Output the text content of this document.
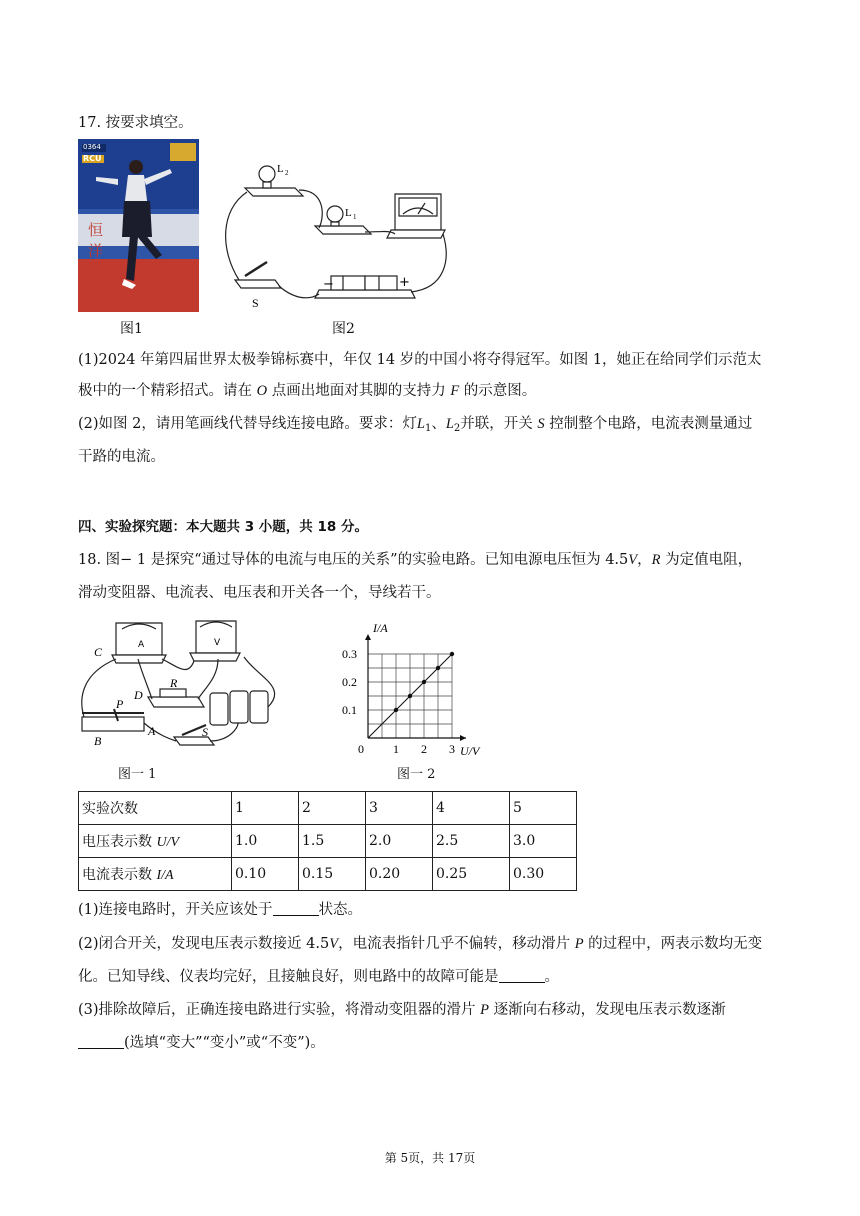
17. 按要求填空。
0364
RCU
恒 洋
图1
L 2
L 1
S
−	+
图2
(1)2024 年第四届世界太极拳锦标赛中，年仅 14 岁的中国小将夺得冠军。如图 1，她正在给同学们示范太
极中的一个精彩招式。请在 O 点画出地面对其脚的支持力 F 的示意图。
(2)如图 2，请用笔画线代替导线连接电路。要求：灯$L_1$、$L_2$并联，开关 S 控制整个电路，电流表测量通过
干路的电流。
四、实验探究题：本大题共 3 小题，共 18 分。
18. 图− 1 是探究“通过导体的电流与电压的关系”的实验电路。已知电源电压恒为 4.5V，R 为定值电阻，
滑动变阻器、电流表、电压表和开关各一个，导线若干。
C	A	V
D
R
P
B
A	S
图一 1
0 1 2 3
0.1
0.2
0.3
U/V
I/A
图一 2
实验次数	1	2	3	4	5
电压表示数 U/V	1.0	1.5	2.0	2.5	3.0
电流表示数 I/A	0.10	0.15	0.20	0.25	0.30
(1)连接电路时，开关应该处于	状态。
(2)闭合开关，发现电压表示数接近 4.5V，电流表指针几乎不偏转，移动滑片 P 的过程中，两表示数均无变
化。已知导线、仪表均完好，且接触良好，则电路中的故障可能是	。
(3)排除故障后，正确连接电路进行实验，将滑动变阻器的滑片 P 逐渐向右移动，发现电压表示数逐渐
(选填“变大”“变小”或“不变”)。
第 5页，共 17页
